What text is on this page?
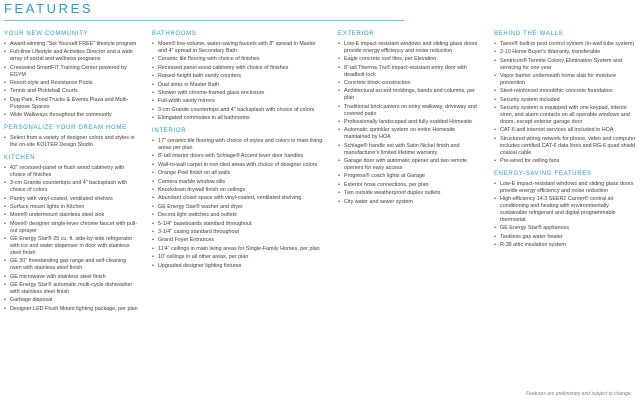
FEATURES
YOUR NEW COMMUNITY
• Award-winning "Set Yourself FREE" lifestyle program
• Full-time Lifestyle and Activities Director and a wide array of social and wellness programs
• Cresswind SmartFIT Training Center powered by EGYM
• Resort-style and Resistance Pools
• Tennis and Pickleball Courts
• Dog Park, Food Trucks & Events Plaza and Multi-Purpose Spaces
• Wide Walkways throughout the community
PERSONALIZE YOUR DREAM HOME
• Select from a variety of designer colors and styles in the on-site KOLTER Design Studio
KITCHEN
• 42" recessed-panel or flush wood cabinetry with choice of finishes
• 3-cm Granite countertops and 4" backsplash with choice of colors
• Pantry with vinyl-coated, ventilated shelves
• Surface mount lights in Kitchen
• Moen® undermount stainless steel sink
• Moen® designer single-lever chrome faucet with pull-out sprayer
• GE Energy Star® 25 cu. ft. side-by-side refrigerator with ice and water dispenser in door with stainless steel finish
• GE 30" freestanding gas range and self-cleaning oven with stainless steel finish
• GE microwave with stainless steel finish
• GE Energy Star® automatic multi-cycle dishwasher with stainless steel finish
• Garbage disposal
• Designer LED Flush Mount lighting package, per plan
BATHROOMS
• Moen® low-volume, water-saving faucets with 8" spread in Master and 4" spread in Secondary Bath
• Ceramic tile flooring with choice of finishes
• Recessed panel wood cabinetry with choice of finishes
• Raised-height bath vanity counters
• Dual sinks in Master Bath
• Shower with chrome-framed glass enclosure
• Full-width vanity mirrors
• 3-cm Granite countertops and 4" backsplash with choice of colors
• Elongated commodes in all bathrooms
INTERIOR
• 17" ceramic tile flooring with choice of styles and colors in main living areas per plan
• 8'-tall interior doors with Schlage® Accent lever door handles
• Wall-to-wall carpet in non-tiled areas with choice of designer colors
• Orange Peel finish on all walls
• Camera marble window sills
• Knockdown drywall finish on ceilings
• Abundant closet space with vinyl-coated, ventilated shelving
• GE Energy Star® washer and dryer
• Decora light switches and outlets
• 5-1/4" baseboards standard throughout
• 3-1/4" casing standard throughout
• Grand Foyer Entrances
• 11'4" ceilings in main living areas for Single-Family Homes, per plan
• 10' ceilings in all other areas, per plan
• Upgraded designer lighting fixtures
EXTERIOR
• Low-E impact-resistant windows and sliding glass doors provide energy efficiency and noise reduction
• Eagle concrete roof tiles, per Elevation
• 8'-tall Therma-Tru® impact-resistant entry door with deadbolt lock
• Concrete block construction
• Architectural accent moldings, bands and columns, per plan
• Traditional brick pavers on entry walkway, driveway and covered patio
• Professionally landscaped and fully-sodded Homesite
• Automatic sprinkler system on entire Homesite maintained by HOA
• Schlage® handle set with Satin Nickel finish and manufacturer's limited lifetime warranty
• Garage door with automatic opener and two remote openers for easy access
• Progress® coach lights at Garage
• Exterior hose connections, per plan
• Two outside weatherproof duplex outlets
• City water and sewer system
BEHIND THE WALLS
• Taexx® built-in pest control system (in-wall tube system)
• 2-10 Home Buyer's Warranty, transferable
• Sentricon® Termite Colony Elimination System and servicing for one year
• Vapor barrier underneath home slab for moisture prevention
• Steel-reinforced monolithic concrete foundation
• Security system included
• Security system is equipped with one keypad, interior siren, and alarm contacts on all operable windows and doors, except exterior garage door
• CAT-6 and internet services all included in HOA
• Structured wiring network for phone, video and computer includes certified CAT-6 data lines and RG-6 quad shield coaxial cable
• Pre-wired for ceiling fans
ENERGY-SAVING FEATURES
• Low-E impact-resistant windows and sliding glass doors provide energy efficiency and noise reduction
• High-efficiency 14.3 SEER2 Carrier® central air conditioning and heating with environmentally sustainable refrigerant and digital programmable thermostat
• GE Energy Star® appliances
• Tankless gas water heater
• R-38 attic insulation system
Features are preliminary and subject to change.
